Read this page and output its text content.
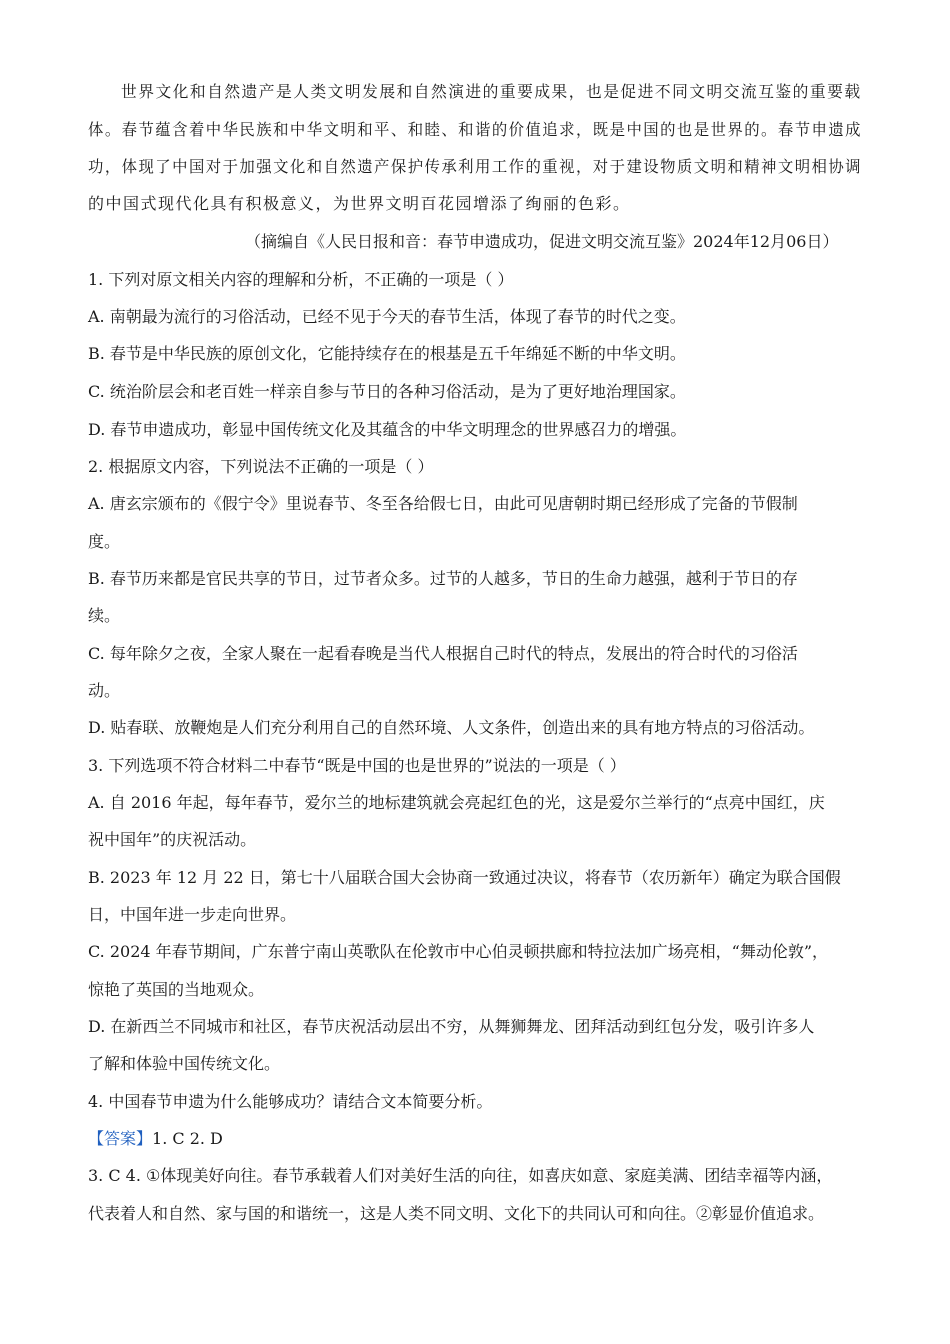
世界文化和自然遗产是人类文明发展和自然演进的重要成果，也是促进不同文明交流互鉴的重要载
体。春节蕴含着中华民族和中华文明和平、和睦、和谐的价值追求，既是中国的也是世界的。春节申遗成
功，体现了中国对于加强文化和自然遗产保护传承利用工作的重视，对于建设物质文明和精神文明相协调
的中国式现代化具有积极意义，为世界文明百花园增添了绚丽的色彩。
（摘编自《人民日报和音：春节申遗成功，促进文明交流互鉴》2024年12月06日）
1. 下列对原文相关内容的理解和分析，不正确的一项是（ ）
A. 南朝最为流行的习俗活动，已经不见于今天的春节生活，体现了春节的时代之变。
B. 春节是中华民族的原创文化，它能持续存在的根基是五千年绵延不断的中华文明。
C. 统治阶层会和老百姓一样亲自参与节日的各种习俗活动，是为了更好地治理国家。
D. 春节申遗成功，彰显中国传统文化及其蕴含的中华文明理念的世界感召力的增强。
2. 根据原文内容，下列说法不正确的一项是（ ）
A. 唐玄宗颁布的《假宁令》里说春节、冬至各给假七日，由此可见唐朝时期已经形成了完备的节假制
度。
B. 春节历来都是官民共享的节日，过节者众多。过节的人越多，节日的生命力越强，越利于节日的存
续。
C. 每年除夕之夜，全家人聚在一起看春晚是当代人根据自己时代的特点，发展出的符合时代的习俗活
动。
D. 贴春联、放鞭炮是人们充分利用自己的自然环境、人文条件，创造出来的具有地方特点的习俗活动。
3. 下列选项不符合材料二中春节“既是中国的也是世界的”说法的一项是（ ）
A. 自 2016 年起，每年春节，爱尔兰的地标建筑就会亮起红色的光，这是爱尔兰举行的“点亮中国红，庆
祝中国年”的庆祝活动。
B. 2023 年 12 月 22 日，第七十八届联合国大会协商一致通过决议，将春节（农历新年）确定为联合国假
日，中国年进一步走向世界。
C. 2024 年春节期间，广东普宁南山英歌队在伦敦市中心伯灵顿拱廊和特拉法加广场亮相，“舞动伦敦”，
惊艳了英国的当地观众。
D. 在新西兰不同城市和社区，春节庆祝活动层出不穷，从舞狮舞龙、团拜活动到红包分发，吸引许多人
了解和体验中国传统文化。
4. 中国春节申遗为什么能够成功？请结合文本简要分析。
【答案】1. C 2. D
3. C 4. ①体现美好向往。春节承载着人们对美好生活的向往，如喜庆如意、家庭美满、团结幸福等内涵，
代表着人和自然、家与国的和谐统一，这是人类不同文明、文化下的共同认可和向往。②彰显价值追求。
